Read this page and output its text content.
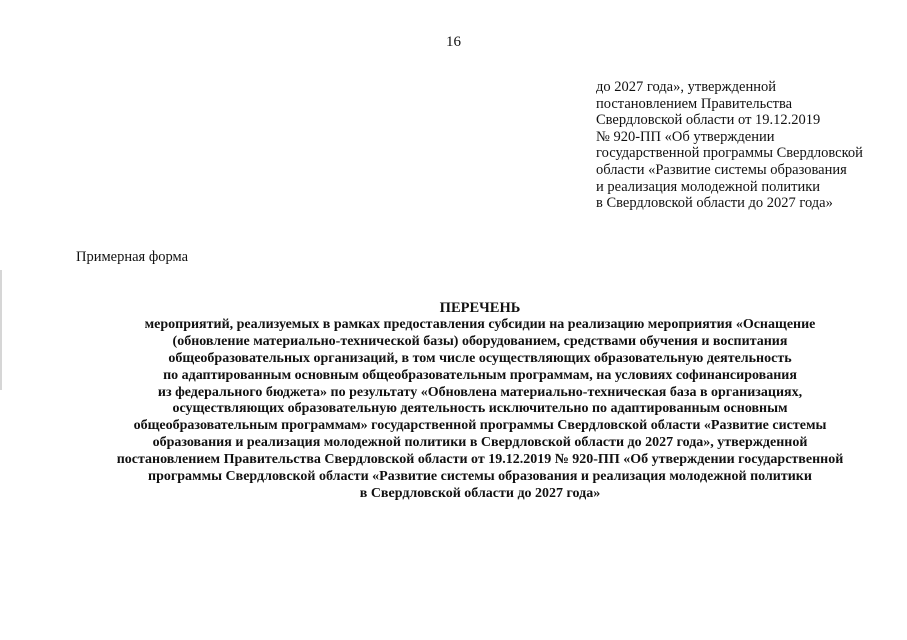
16
до 2027 года», утвержденной
постановлением Правительства
Свердловской области от 19.12.2019
№ 920-ПП «Об утверждении
государственной программы Свердловской
области «Развитие системы образования
и реализация молодежной политики
в Свердловской области до 2027 года»
Примерная форма
ПЕРЕЧЕНЬ
мероприятий, реализуемых в рамках предоставления субсидии на реализацию мероприятия «Оснащение
(обновление материально-технической базы) оборудованием, средствами обучения и воспитания
общеобразовательных организаций, в том числе осуществляющих образовательную деятельность
по адаптированным основным общеобразовательным программам, на условиях софинансирования
из федерального бюджета» по результату «Обновлена материально-техническая база в организациях,
осуществляющих образовательную деятельность исключительно по адаптированным основным
общеобразовательным программам» государственной программы Свердловской области «Развитие системы
образования и реализация молодежной политики в Свердловской области до 2027 года», утвержденной
постановлением Правительства Свердловской области от 19.12.2019 № 920-ПП «Об утверждении государственной
программы Свердловской области «Развитие системы образования и реализация молодежной политики
в Свердловской области до 2027 года»
